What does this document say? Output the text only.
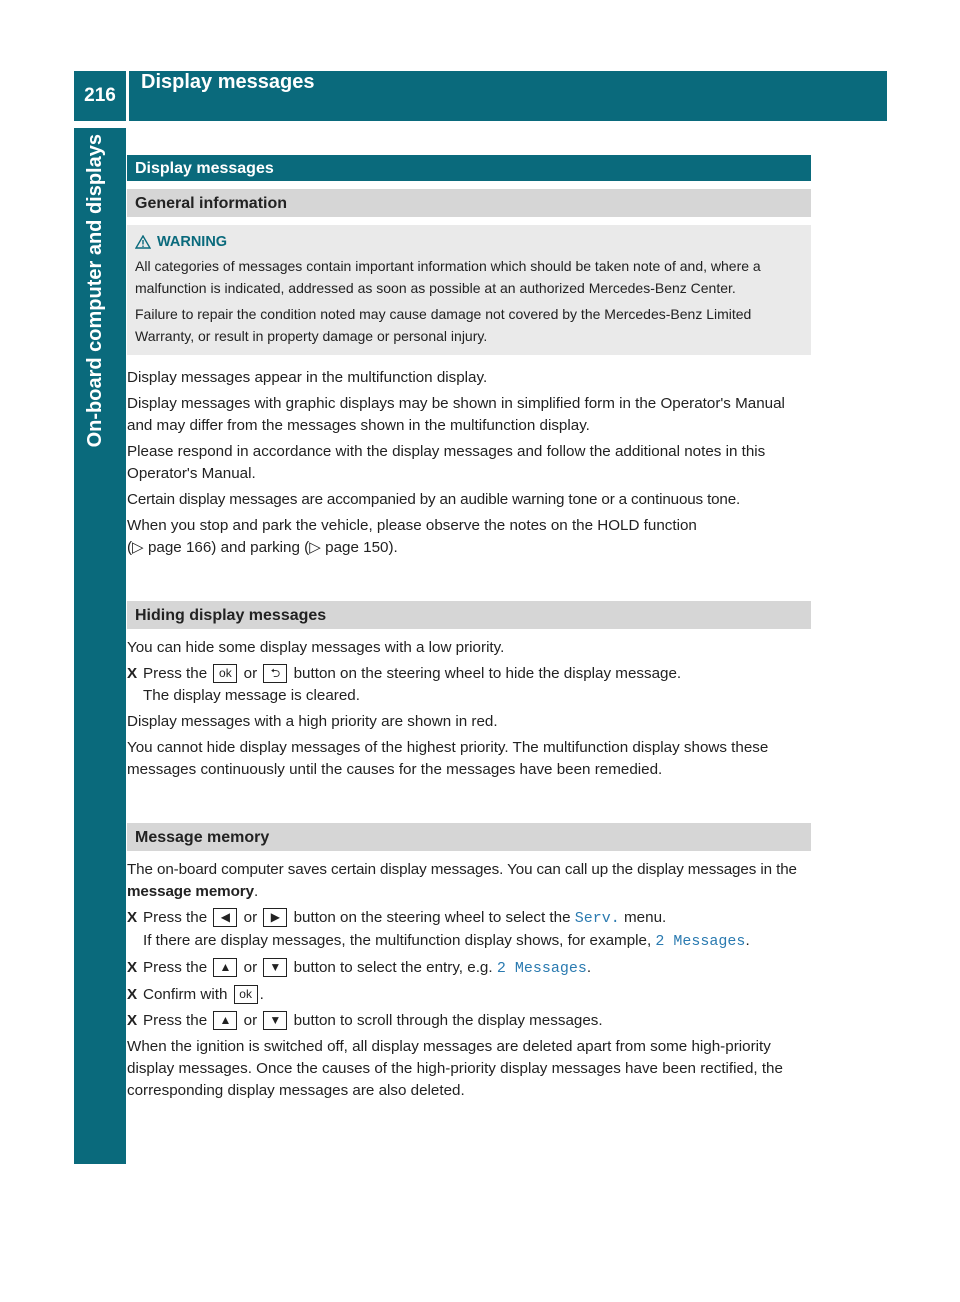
216
Display messages
On-board computer and displays	Display messages
General information
WARNING

All categories of messages contain important information which should be taken note of and, where a malfunction is indicated, addressed as soon as possible at an authorized Mercedes-Benz Center.

Failure to repair the condition noted may cause damage not covered by the Mercedes-Benz Limited Warranty, or result in property damage or personal injury.

Display messages appear in the multifunction display.

Display messages with graphic displays may be shown in simplified form in the Operator's Manual and may differ from the messages shown in the multifunction display.

Please respond in accordance with the display messages and follow the additional notes in this Operator's Manual.

Certain display messages are accompanied by an audible warning tone or a continuous tone.

When you stop and park the vehicle, please observe the notes on the HOLD function
(▷ page 166) and parking (▷ page 150).

Hiding display messages

You can hide some display messages with a low priority.

X Press the ok or ⮌ button on the steering wheel to hide the display message.
The display message is cleared.

Display messages with a high priority are shown in red.

You cannot hide display messages of the highest priority. The multifunction display shows these messages continuously until the causes for the messages have been remedied.

Message memory

The on-board computer saves certain display messages. You can call up the display messages in the message memory.

X Press the ◀ or ▶ button on the steering wheel to select the Serv. menu.
If there are display messages, the multifunction display shows, for example, 2 Messages.
X Press the ▲ or ▼ button to select the entry, e.g. 2 Messages.
X Confirm with ok .
X Press the ▲ or ▼ button to scroll through the display messages.

When the ignition is switched off, all display messages are deleted apart from some high-priority display messages. Once the causes of the high-priority display messages have been rectified, the corresponding display messages are also deleted.
